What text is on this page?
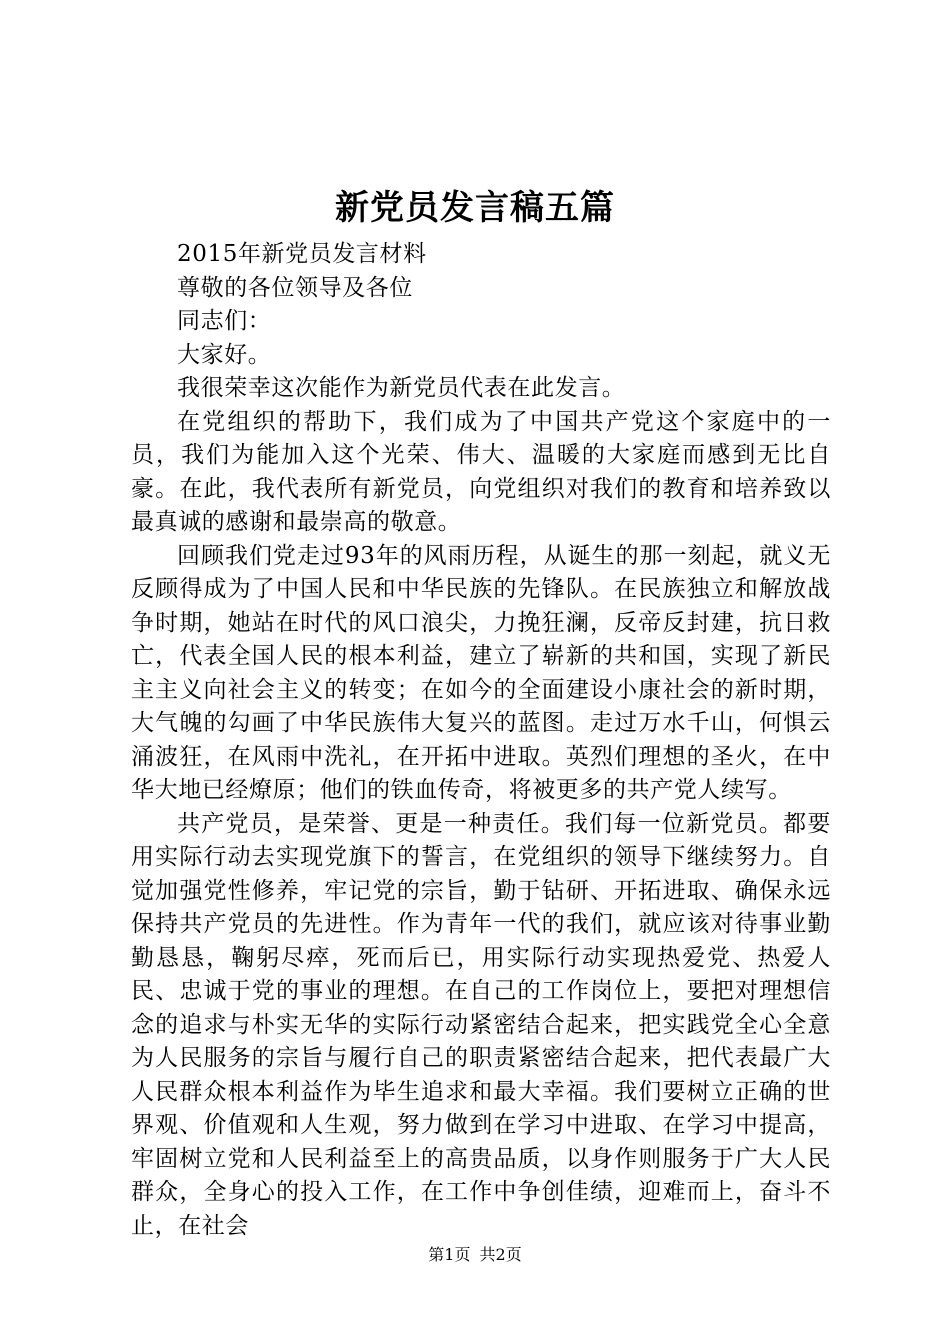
新党员发言稿五篇

2015年新党员发言材料

尊敬的各位领导及各位

同志们：

大家好。

我很荣幸这次能作为新党员代表在此发言。

在党组织的帮助下，我们成为了中国共产党这个家庭中的一员，我们为能加入这个光荣、伟大、温暖的大家庭而感到无比自豪。在此，我代表所有新党员，向党组织对我们的教育和培养致以最真诚的感谢和最崇高的敬意。

回顾我们党走过93年的风雨历程，从诞生的那一刻起，就义无反顾得成为了中国人民和中华民族的先锋队。在民族独立和解放战争时期，她站在时代的风口浪尖，力挽狂澜，反帝反封建，抗日救亡，代表全国人民的根本利益，建立了崭新的共和国，实现了新民主主义向社会主义的转变；在如今的全面建设小康社会的新时期，大气魄的勾画了中华民族伟大复兴的蓝图。走过万水千山，何惧云涌波狂，在风雨中洗礼，在开拓中进取。英烈们理想的圣火，在中华大地已经燎原；他们的铁血传奇，将被更多的共产党人续写。

共产党员，是荣誉、更是一种责任。我们每一位新党员。都要用实际行动去实现党旗下的誓言，在党组织的领导下继续努力。自觉加强党性修养，牢记党的宗旨，勤于钻研、开拓进取、确保永远保持共产党员的先进性。作为青年一代的我们，就应该对待事业勤勤恳恳，鞠躬尽瘁，死而后已，用实际行动实现热爱党、热爱人民、忠诚于党的事业的理想。在自己的工作岗位上，要把对理想信念的追求与朴实无华的实际行动紧密结合起来，把实践党全心全意为人民服务的宗旨与履行自己的职责紧密结合起来，把代表最广大人民群众根本利益作为毕生追求和最大幸福。我们要树立正确的世界观、价值观和人生观，努力做到在学习中进取、在学习中提高，牢固树立党和人民利益至上的高贵品质，以身作则服务于广大人民群众，全身心的投入工作，在工作中争创佳绩，迎难而上，奋斗不止，在社会

第1页 共2页
